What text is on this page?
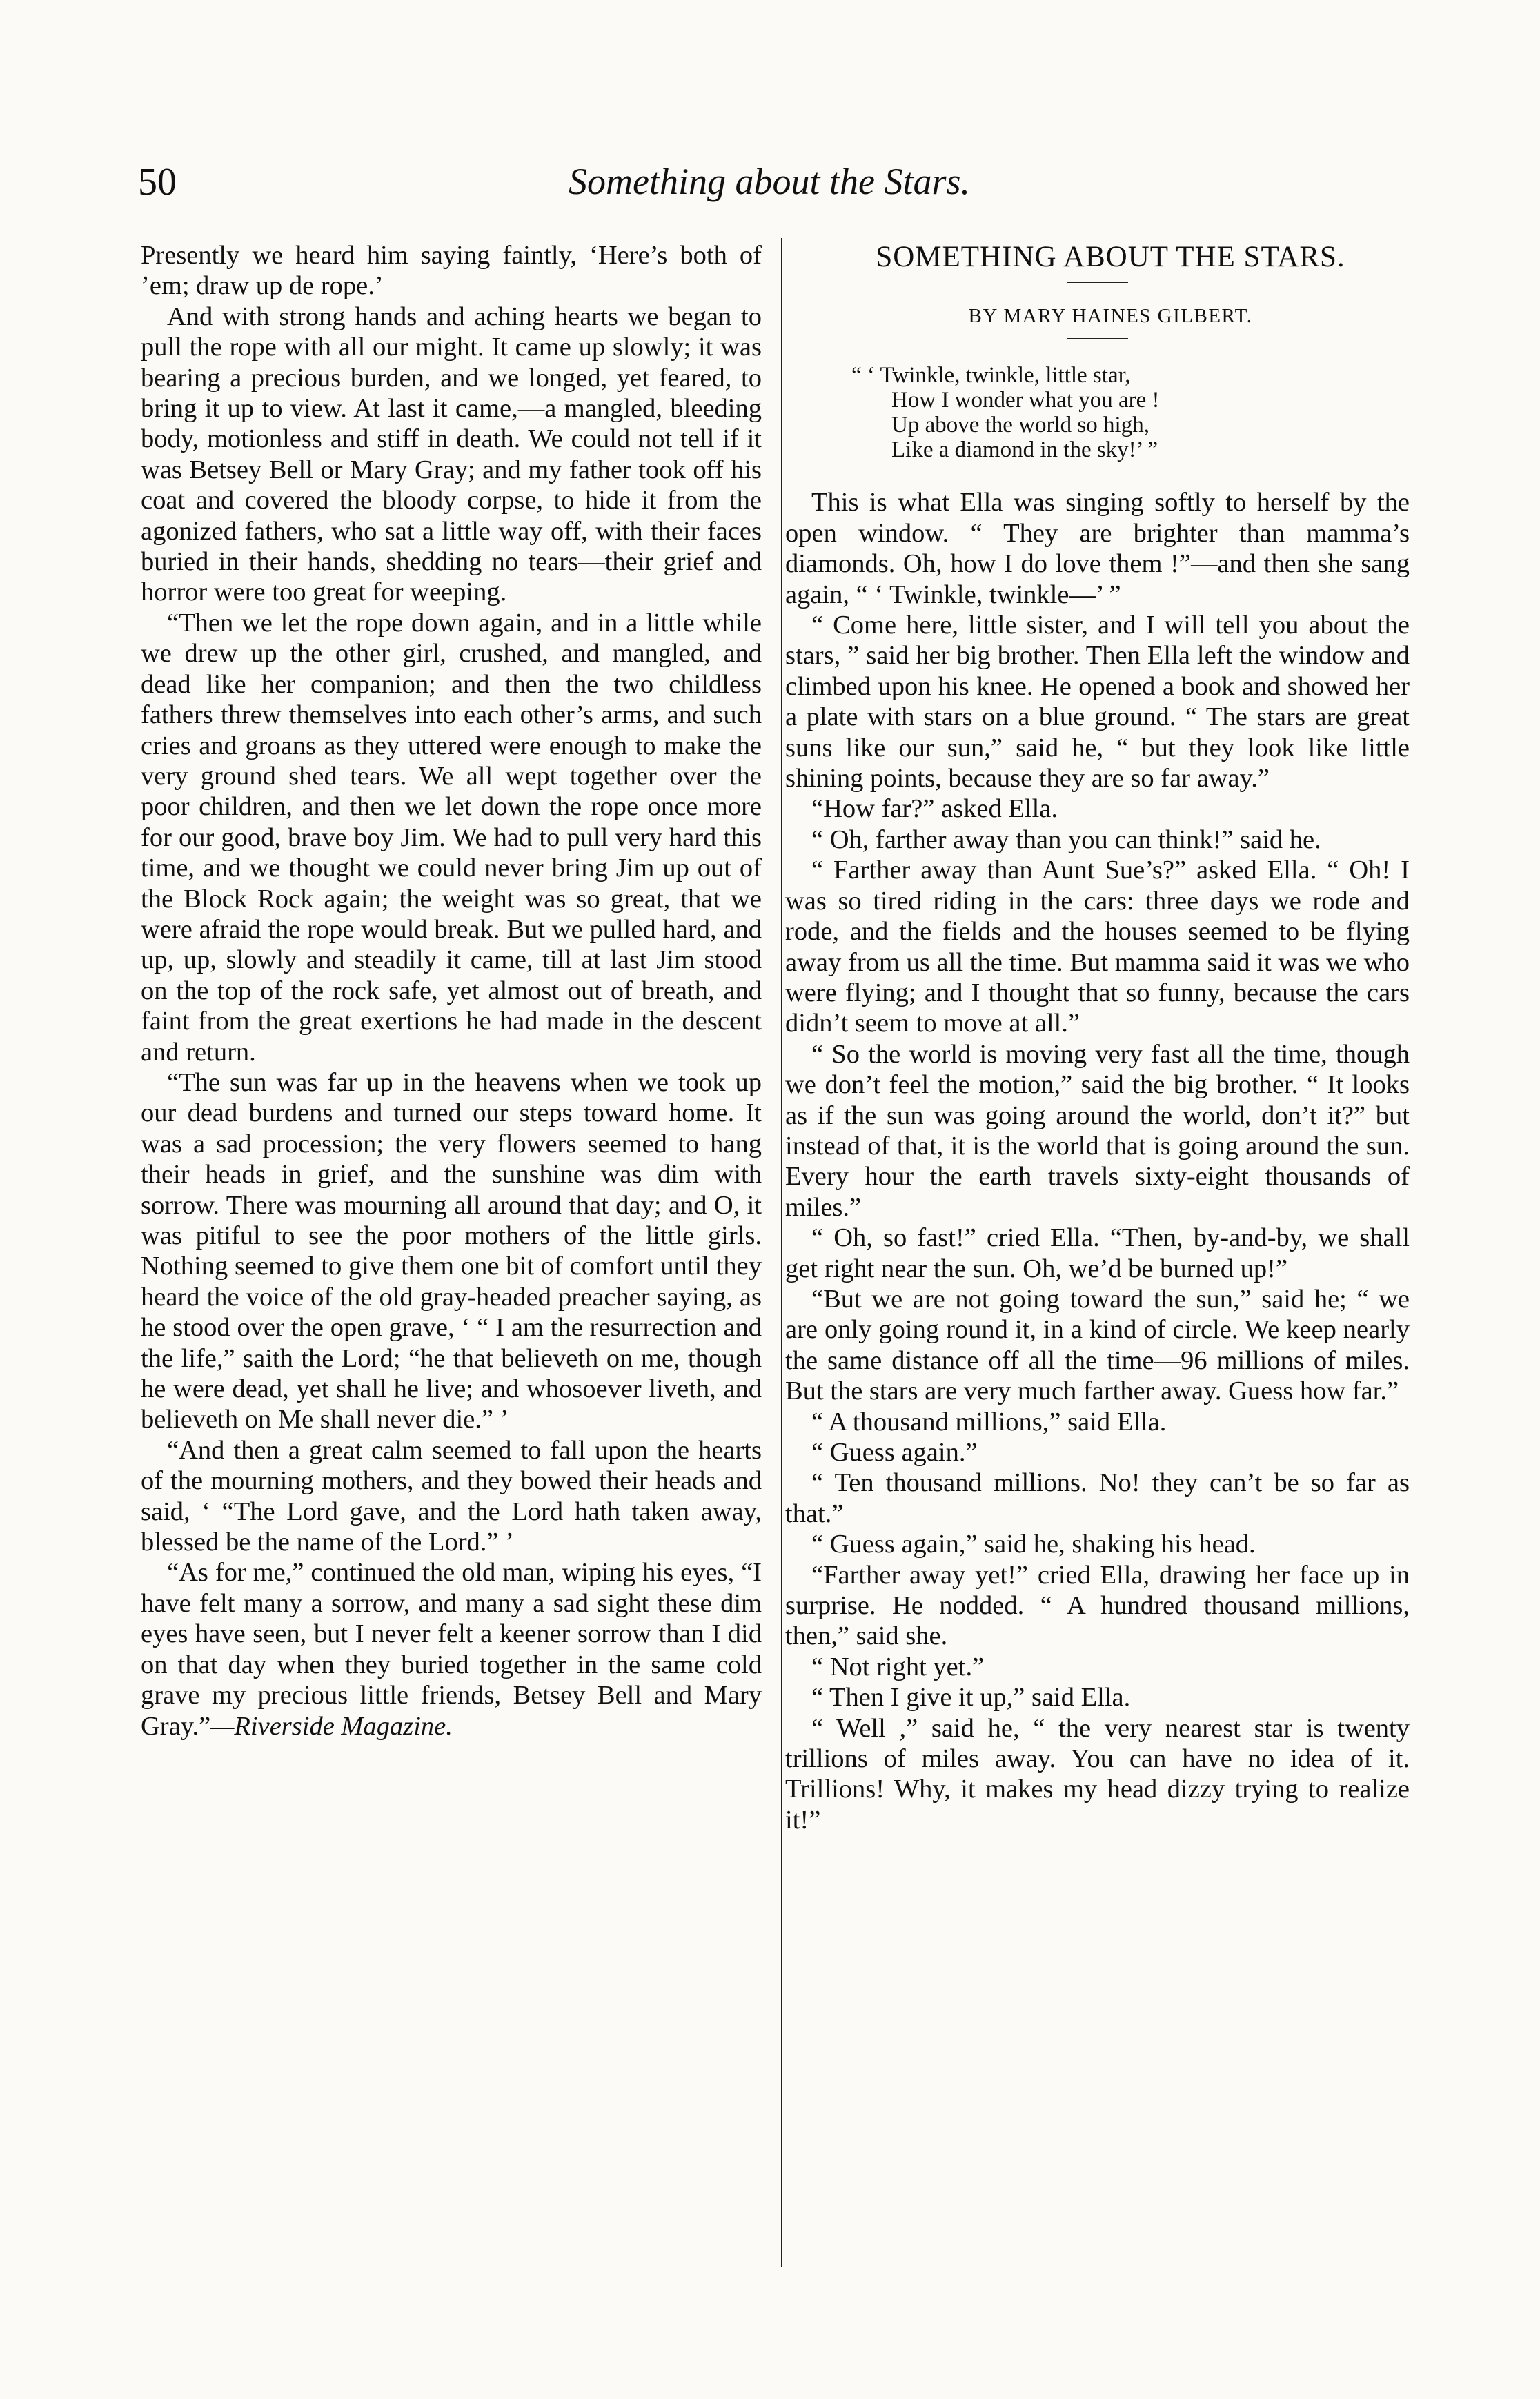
50	Something about the Stars.

Presently we heard him saying faintly, ‘Here’s both of ’em; draw up de rope.’

And with strong hands and aching hearts we began to pull the rope with all our might. It came up slowly; it was bearing a precious burden, and we longed, yet feared, to bring it up to view. At last it came,—a mangled, bleeding body, motionless and stiff in death. We could not tell if it was Betsey Bell or Mary Gray; and my father took off his coat and covered the bloody corpse, to hide it from the agonized fathers, who sat a little way off, with their faces buried in their hands, shedding no tears—their grief and horror were too great for weeping.

“Then we let the rope down again, and in a little while we drew up the other girl, crushed, and mangled, and dead like her companion; and then the two childless fathers threw themselves into each other’s arms, and such cries and groans as they uttered were enough to make the very ground shed tears. We all wept together over the poor children, and then we let down the rope once more for our good, brave boy Jim. We had to pull very hard this time, and we thought we could never bring Jim up out of the Block Rock again; the weight was so great, that we were afraid the rope would break. But we pulled hard, and up, up, slowly and steadily it came, till at last Jim stood on the top of the rock safe, yet almost out of breath, and faint from the great exertions he had made in the descent and return.

“The sun was far up in the heavens when we took up our dead burdens and turned our steps toward home. It was a sad procession; the very flowers seemed to hang their heads in grief, and the sunshine was dim with sorrow. There was mourning all around that day; and O, it was pitiful to see the poor mothers of the little girls. Nothing seemed to give them one bit of comfort until they heard the voice of the old gray-headed preacher saying, as he stood over the open grave, ‘ “ I am the resurrection and the life,” saith the Lord; “he that believeth on me, though he were dead, yet shall he live; and whosoever liveth, and believeth on Me shall never die.” ’

“And then a great calm seemed to fall upon the hearts of the mourning mothers, and they bowed their heads and said, ‘ “The Lord gave, and the Lord hath taken away, blessed be the name of the Lord.” ’

“As for me,” continued the old man, wiping his eyes, “I have felt many a sorrow, and many a sad sight these dim eyes have seen, but I never felt a keener sorrow than I did on that day when they buried together in the same cold grave my precious little friends, Betsey Bell and Mary Gray.”—Riverside Magazine.

SOMETHING ABOUT THE STARS.

BY MARY HAINES GILBERT.

“ ‘ Twinkle, twinkle, little star,
How I wonder what you are !
Up above the world so high,
Like a diamond in the sky!’ ”

This is what Ella was singing softly to herself by the open window. “ They are brighter than mamma’s diamonds. Oh, how I do love them !”—and then she sang again, “ ‘ Twinkle, twinkle—’ ”

“ Come here, little sister, and I will tell you about the stars, ” said her big brother. Then Ella left the window and climbed upon his knee. He opened a book and showed her a plate with stars on a blue ground. “ The stars are great suns like our sun,” said he, “ but they look like little shining points, because they are so far away.”

“How far?” asked Ella.

“ Oh, farther away than you can think!” said he.

“ Farther away than Aunt Sue’s?” asked Ella. “ Oh! I was so tired riding in the cars: three days we rode and rode, and the fields and the houses seemed to be flying away from us all the time. But mamma said it was we who were flying; and I thought that so funny, because the cars didn’t seem to move at all.”

“ So the world is moving very fast all the time, though we don’t feel the motion,” said the big brother. “ It looks as if the sun was going around the world, don’t it?” but instead of that, it is the world that is going around the sun. Every hour the earth travels sixty-eight thousands of miles.”

“ Oh, so fast!” cried Ella. “Then, by-and-by, we shall get right near the sun. Oh, we’d be burned up!”

“But we are not going toward the sun,” said he; “ we are only going round it, in a kind of circle. We keep nearly the same distance off all the time—96 millions of miles. But the stars are very much farther away. Guess how far.”

“ A thousand millions,” said Ella.

“ Guess again.”

“ Ten thousand millions. No! they can’t be so far as that.”

“ Guess again,” said he, shaking his head.

“Farther away yet!” cried Ella, drawing her face up in surprise. He nodded. “ A hundred thousand millions, then,” said she.

“ Not right yet.”

“ Then I give it up,” said Ella.

“ Well ,” said he, “ the very nearest star is twenty trillions of miles away. You can have no idea of it. Trillions! Why, it makes my head dizzy trying to realize it!”
